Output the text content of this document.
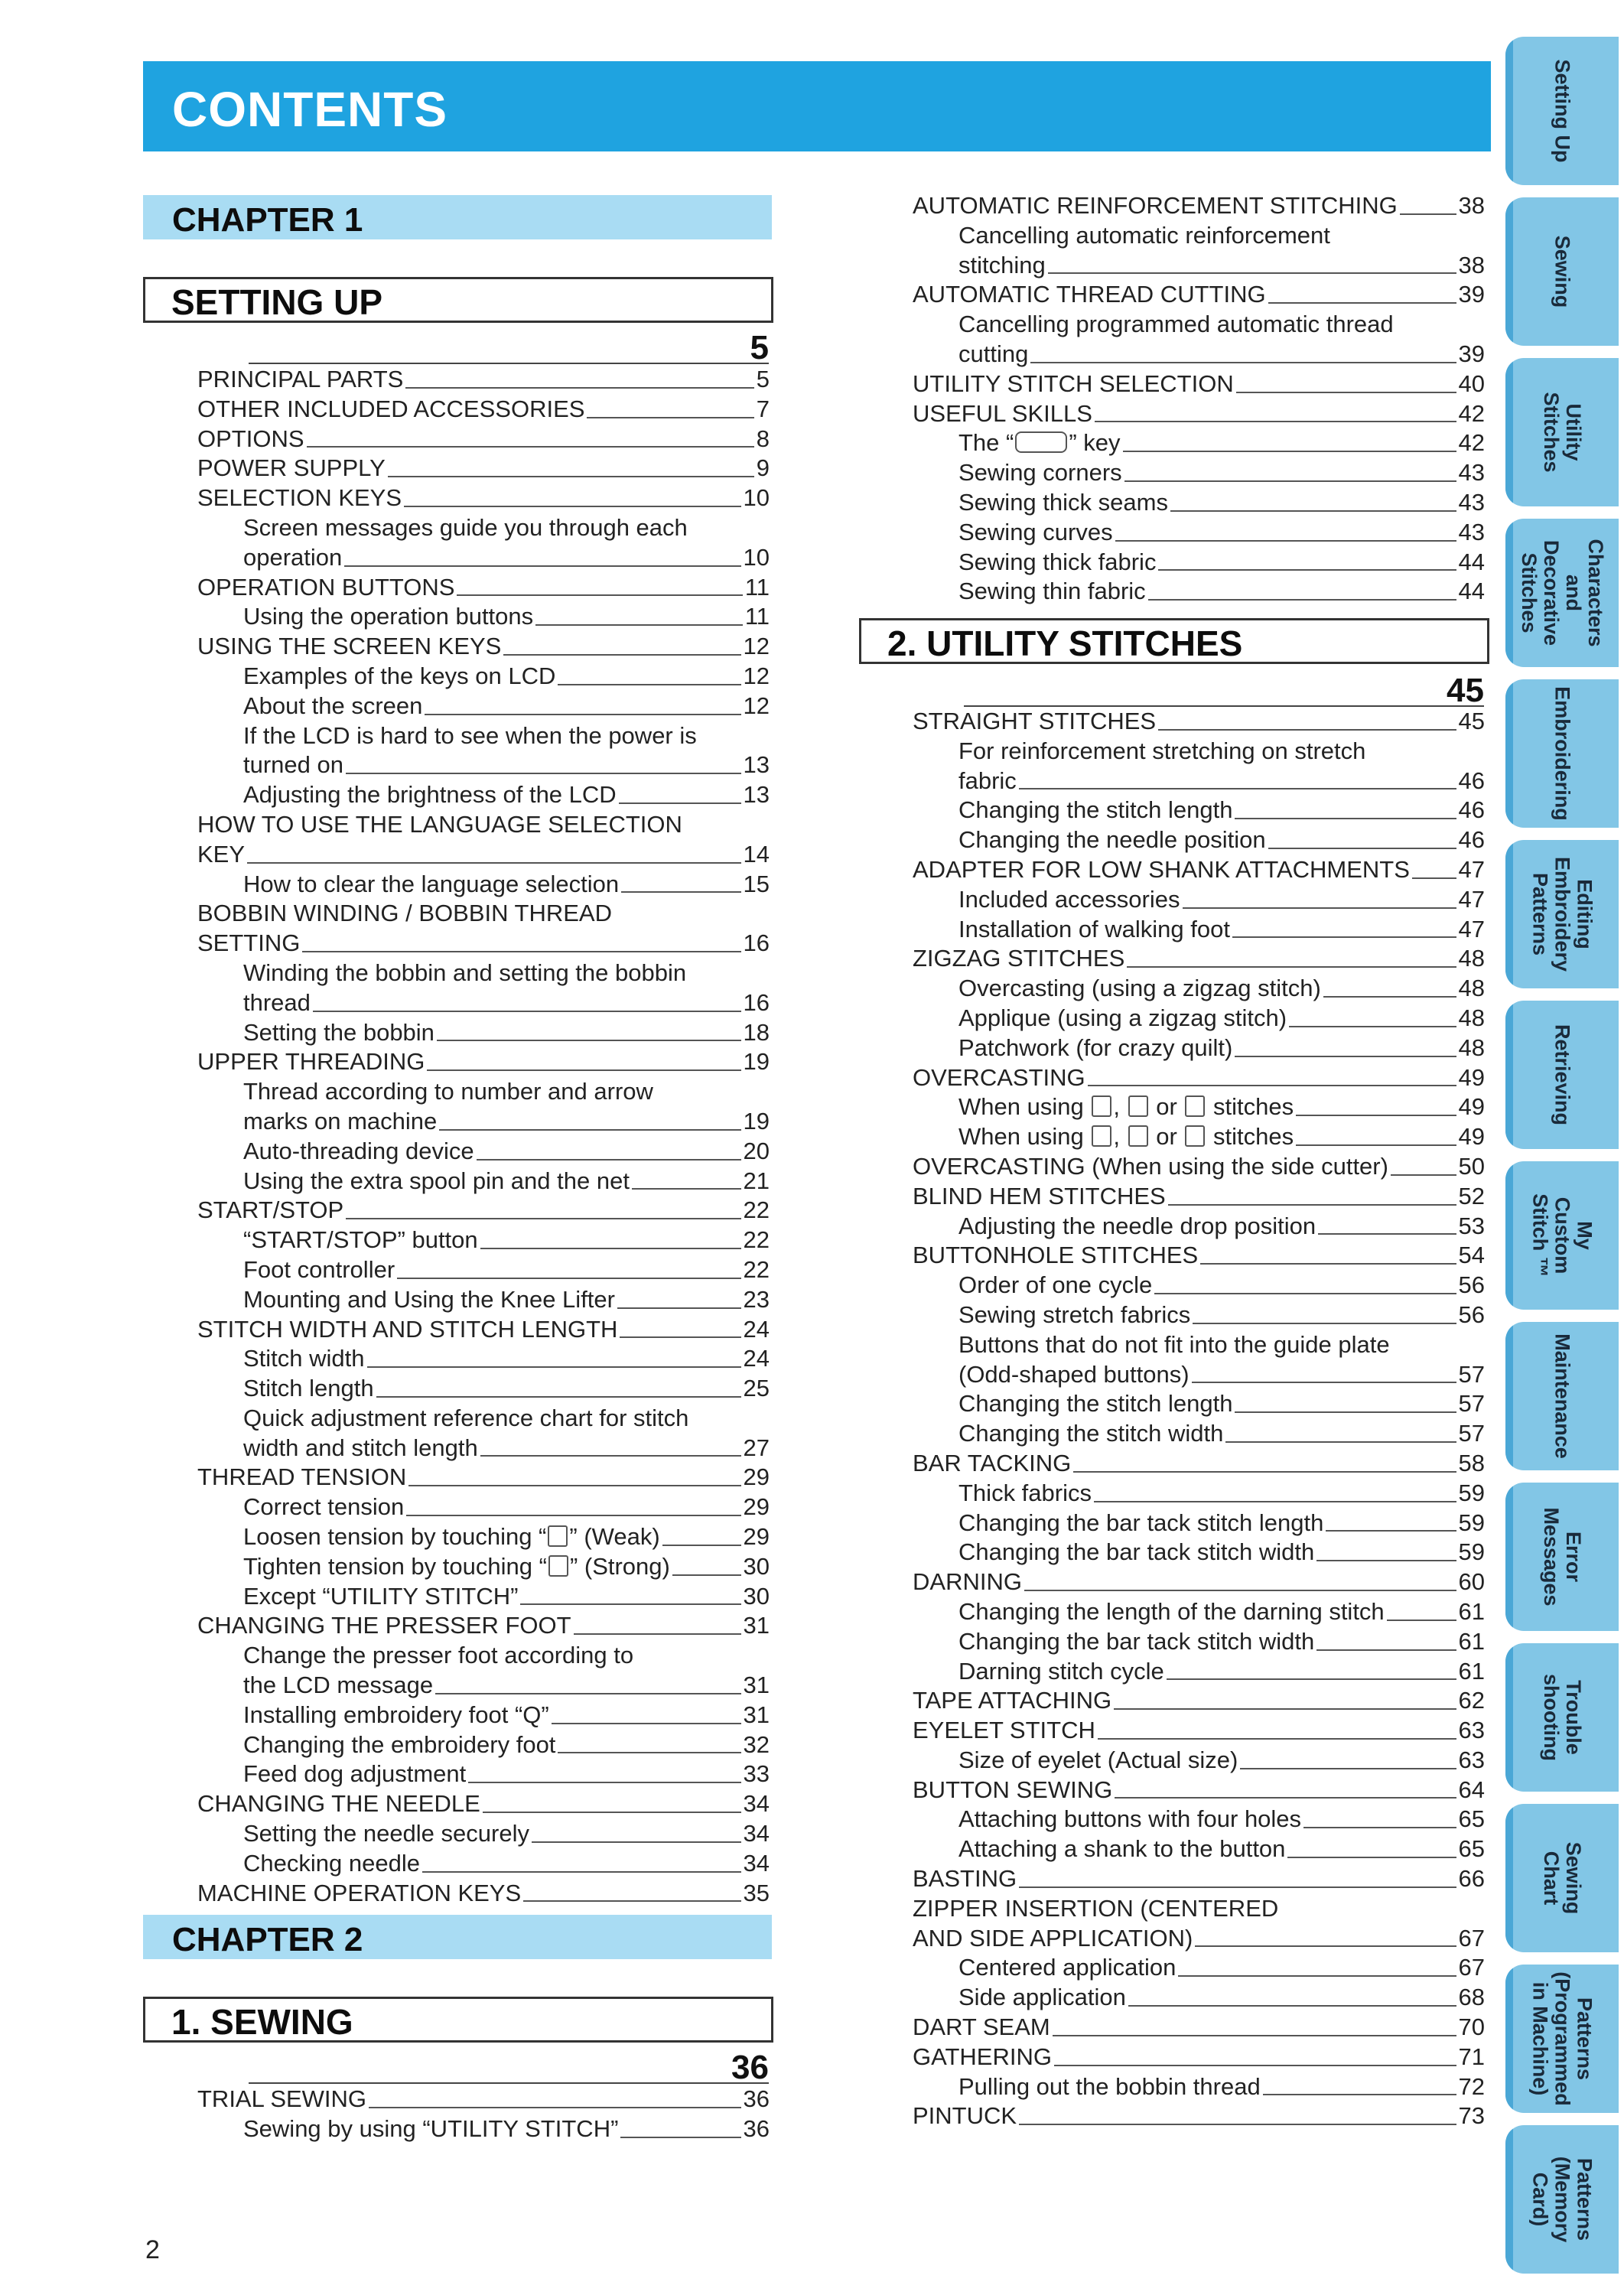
CONTENTS
CHAPTER 1
SETTING UP
5
PRINCIPAL PARTS	5
OTHER INCLUDED ACCESSORIES	7
OPTIONS	8
POWER SUPPLY	9
SELECTION KEYS	10
Screen messages guide you through each
operation	10
OPERATION BUTTONS	11
Using the operation buttons	11
USING THE SCREEN KEYS	12
Examples of the keys on LCD	12
About the screen	12
If the LCD is hard to see when the power is
turned on	13
Adjusting the brightness of the LCD	13
HOW TO USE THE LANGUAGE SELECTION
KEY	14
How to clear the language selection	15
BOBBIN WINDING / BOBBIN THREAD
SETTING	16
Winding the bobbin and setting the bobbin
thread	16
Setting the bobbin	18
UPPER THREADING	19
Thread according to number and arrow
marks on machine	19
Auto-threading device	20
Using the extra spool pin and the net	21
START/STOP	22
“START/STOP” button	22
Foot controller	22
Mounting and Using the Knee Lifter	23
STITCH WIDTH AND STITCH LENGTH	24
Stitch width	24
Stitch length	25
Quick adjustment reference chart for stitch
width and stitch length	27
THREAD TENSION	29
Correct tension	29
Loosen tension by touching “ ” (Weak)	29
Tighten tension by touching “ ” (Strong)	30
Except “UTILITY STITCH”	30
CHANGING THE PRESSER FOOT	31
Change the presser foot according to
the LCD message	31
Installing embroidery foot “Q”	31
Changing the embroidery foot	32
Feed dog adjustment	33
CHANGING THE NEEDLE	34
Setting the needle securely	34
Checking needle	34
MACHINE OPERATION KEYS	35
CHAPTER 2
1. SEWING
36
TRIAL SEWING	36
Sewing by using “UTILITY STITCH”	36
AUTOMATIC REINFORCEMENT STITCHING	38
Cancelling automatic reinforcement
stitching	38
AUTOMATIC THREAD CUTTING	39
Cancelling programmed automatic thread
cutting	39
UTILITY STITCH SELECTION	40
USEFUL SKILLS	42
The “ ” key	42
Sewing corners	43
Sewing thick seams	43
Sewing curves	43
Sewing thick fabric	44
Sewing thin fabric	44
2. UTILITY STITCHES
45
STRAIGHT STITCHES	45
For reinforcement stretching on stretch
fabric	46
Changing the stitch length	46
Changing the needle position	46
ADAPTER FOR LOW SHANK ATTACHMENTS 47
Included accessories	47
Installation of walking foot	47
ZIGZAG STITCHES	48
Overcasting (using a zigzag stitch)	48
Applique (using a zigzag stitch)	48
Patchwork (for crazy quilt)	48
OVERCASTING	49
When using , or stitches	49
When using , or stitches	49
OVERCASTING (When using the side cutter)	50
BLIND HEM STITCHES	52
Adjusting the needle drop position	53
BUTTONHOLE STITCHES	54
Order of one cycle	56
Sewing stretch fabrics	56
Buttons that do not fit into the guide plate
(Odd-shaped buttons)	57
Changing the stitch length	57
Changing the stitch width	57
BAR TACKING	58
Thick fabrics	59
Changing the bar tack stitch length	59
Changing the bar tack stitch width	59
DARNING	60
Changing the length of the darning stitch	61
Changing the bar tack stitch width	61
Darning stitch cycle	61
TAPE ATTACHING	62
EYELET STITCH	63
Size of eyelet (Actual size)	63
BUTTON SEWING	64
Attaching buttons with four holes	65
Attaching a shank to the button	65
BASTING	66
ZIPPER INSERTION (CENTERED
AND SIDE APPLICATION)	67
Centered application	67
Side application	68
DART SEAM	70
GATHERING	71
Pulling out the bobbin thread	72
PINTUCK	73
2
Setting Up
Sewing
Utility
Stitches
Characters
and
Decorative
Stitches
Embroidering
Editing
Embroidery
Patterns
Retrieving
My
Custom
Stitch ™
Maintenance
Error
Messages
Trouble
shooting
Sewing
Chart
Patterns
(Programmed
in Machine)
Patterns
(Memory
Card)
